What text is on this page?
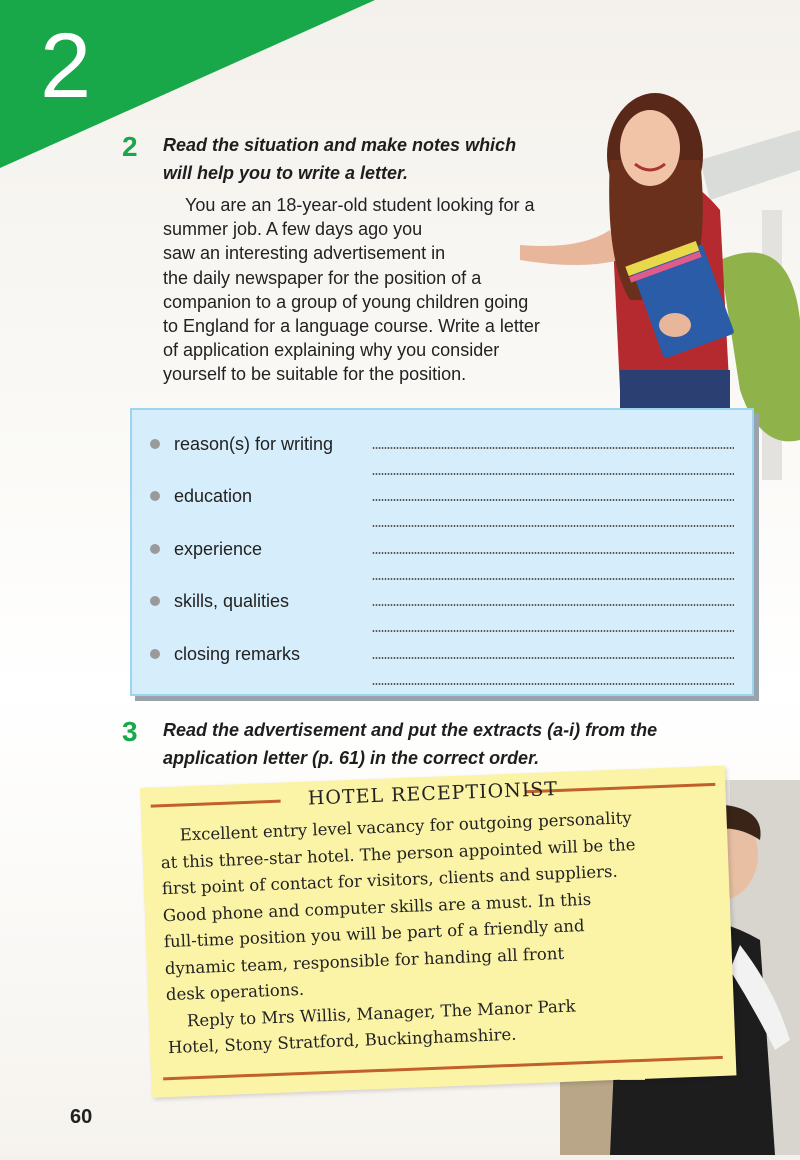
2
2 Read the situation and make notes which
will help you to write a letter.
You are an 18-year-old student looking for a
summer job. A few days ago you
saw an interesting advertisement in
the daily newspaper for the position of a
companion to a group of young children going
to England for a language course. Write a letter
of application explaining why you consider
yourself to be suitable for the position.
reason(s) for writing
education
experience
skills, qualities
closing remarks
3 Read the advertisement and put the extracts (a-i) from the
application letter (p. 61) in the correct order.
HOTEL RECEPTIONIST
Excellent entry level vacancy for outgoing personality
at this three-star hotel. The person appointed will be the
first point of contact for visitors, clients and suppliers.
Good phone and computer skills are a must. In this
full-time position you will be part of a friendly and
dynamic team, responsible for handing all front
desk operations.
Reply to Mrs Willis, Manager, The Manor Park
Hotel, Stony Stratford, Buckinghamshire.
60
